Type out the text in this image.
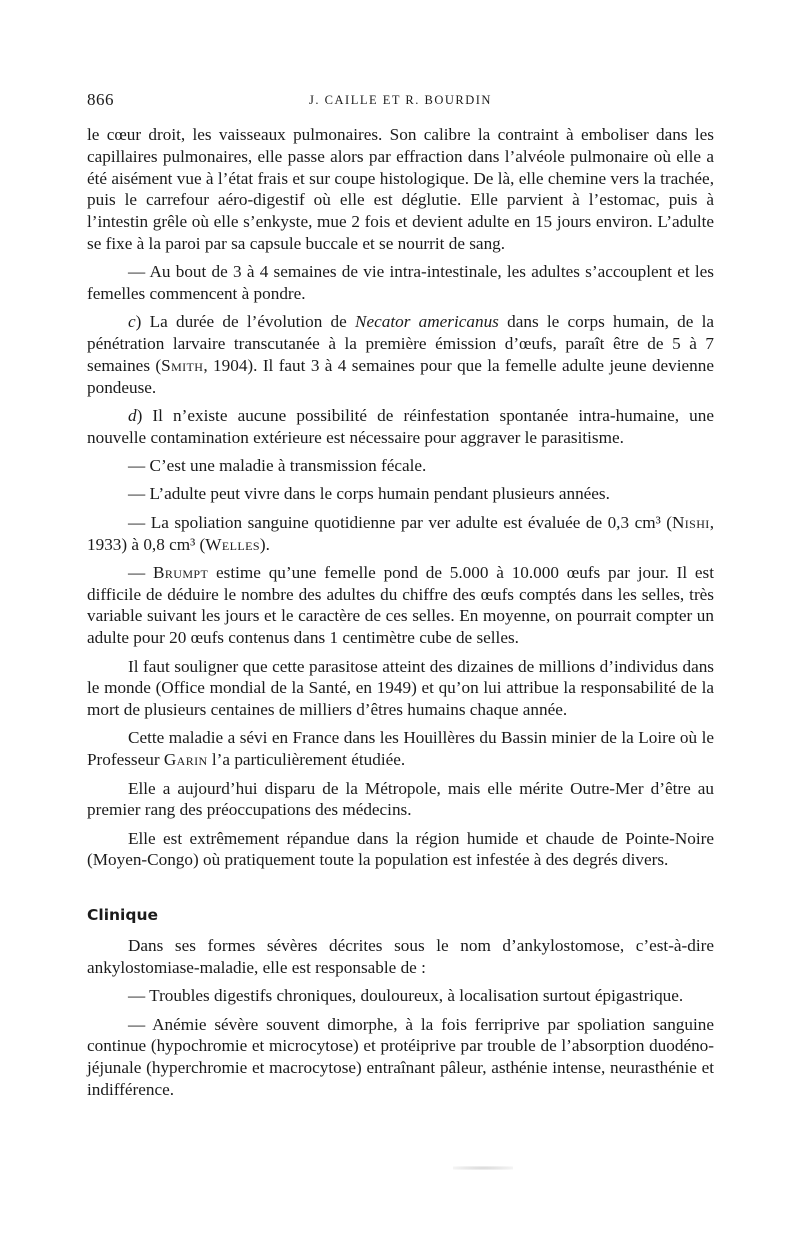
866	J. CAILLE ET R. BOURDIN

le cœur droit, les vaisseaux pulmonaires. Son calibre la contraint à emboliser dans les capillaires pulmonaires, elle passe alors par effraction dans l’alvéole pulmonaire où elle a été aisément vue à l’état frais et sur coupe histologique. De là, elle chemine vers la trachée, puis le carrefour aéro-digestif où elle est déglutie. Elle parvient à l’estomac, puis à l’intestin grêle où elle s’enkyste, mue 2 fois et devient adulte en 15 jours environ. L’adulte se fixe à la paroi par sa capsule buccale et se nourrit de sang.

— Au bout de 3 à 4 semaines de vie intra-intestinale, les adultes s’accouplent et les femelles commencent à pondre.

c) La durée de l’évolution de Necator americanus dans le corps humain, de la pénétration larvaire transcutanée à la première émission d’œufs, paraît être de 5 à 7 semaines (Smith, 1904). Il faut 3 à 4 semaines pour que la femelle adulte jeune devienne pondeuse.

d) Il n’existe aucune possibilité de réinfestation spontanée intra-humaine, une nouvelle contamination extérieure est nécessaire pour aggraver le parasitisme.

— C’est une maladie à transmission fécale.

— L’adulte peut vivre dans le corps humain pendant plusieurs années.

— La spoliation sanguine quotidienne par ver adulte est évaluée de 0,3 cm³ (Nishi, 1933) à 0,8 cm³ (Welles).

— Brumpt estime qu’une femelle pond de 5.000 à 10.000 œufs par jour. Il est difficile de déduire le nombre des adultes du chiffre des œufs comptés dans les selles, très variable suivant les jours et le caractère de ces selles. En moyenne, on pourrait compter un adulte pour 20 œufs contenus dans 1 centimètre cube de selles.

Il faut souligner que cette parasitose atteint des dizaines de millions d’individus dans le monde (Office mondial de la Santé, en 1949) et qu’on lui attribue la responsabilité de la mort de plusieurs centaines de milliers d’êtres humains chaque année.

Cette maladie a sévi en France dans les Houillères du Bassin minier de la Loire où le Professeur Garin l’a particulièrement étudiée.

Elle a aujourd’hui disparu de la Métropole, mais elle mérite Outre-Mer d’être au premier rang des préoccupations des médecins.

Elle est extrêmement répandue dans la région humide et chaude de Pointe-Noire (Moyen-Congo) où pratiquement toute la population est infestée à des degrés divers.

Clinique

Dans ses formes sévères décrites sous le nom d’ankylostomose, c’est-à-dire ankylostomiase-maladie, elle est responsable de :

— Troubles digestifs chroniques, douloureux, à localisation surtout épigastrique.

— Anémie sévère souvent dimorphe, à la fois ferriprive par spoliation sanguine continue (hypochromie et microcytose) et protéiprive par trouble de l’absorption duodéno-jéjunale (hyperchromie et macrocytose) entraînant pâleur, asthénie intense, neurasthénie et indifférence.
